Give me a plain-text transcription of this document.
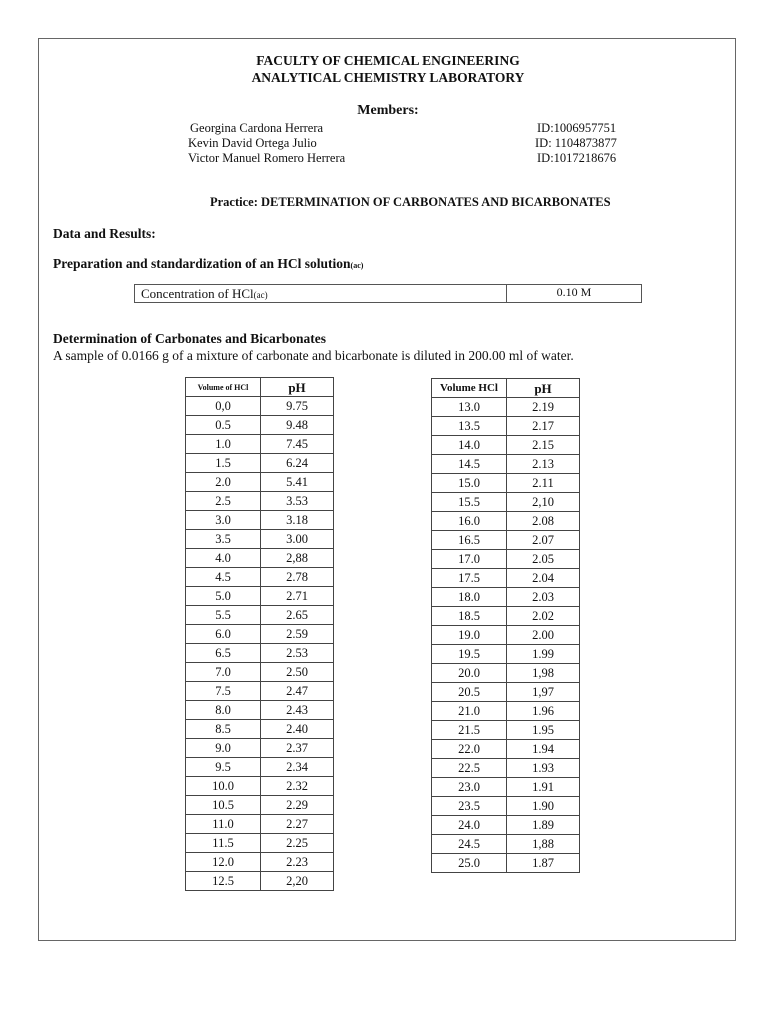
FACULTY OF CHEMICAL ENGINEERING
ANALYTICAL CHEMISTRY LABORATORY
Members:
Georgina Cardona Herrera	ID:1006957751
Kevin David Ortega Julio	ID: 1104873877
Victor Manuel Romero Herrera	ID:1017218676
Practice: DETERMINATION OF CARBONATES AND BICARBONATES
Data and Results:
Preparation and standardization of an HCl solution(ac)
Concentration of HCl(ac)	0.10 M
Determination of Carbonates and Bicarbonates
A sample of 0.0166 g of a mixture of carbonate and bicarbonate is diluted in 200.00 ml of water.
Volume of HCl	pH
0,0	9.75
0.5	9.48
1.0	7.45
1.5	6.24
2.0	5.41
2.5	3.53
3.0	3.18
3.5	3.00
4.0	2,88
4.5	2.78
5.0	2.71
5.5	2.65
6.0	2.59
6.5	2.53
7.0	2.50
7.5	2.47
8.0	2.43
8.5	2.40
9.0	2.37
9.5	2.34
10.0	2.32
10.5	2.29
11.0	2.27
11.5	2.25
12.0	2.23
12.5	2,20
Volume HCl	pH
13.0	2.19
13.5	2.17
14.0	2.15
14.5	2.13
15.0	2.11
15.5	2,10
16.0	2.08
16.5	2.07
17.0	2.05
17.5	2.04
18.0	2.03
18.5	2.02
19.0	2.00
19.5	1.99
20.0	1,98
20.5	1,97
21.0	1.96
21.5	1.95
22.0	1.94
22.5	1.93
23.0	1.91
23.5	1.90
24.0	1.89
24.5	1,88
25.0	1.87
